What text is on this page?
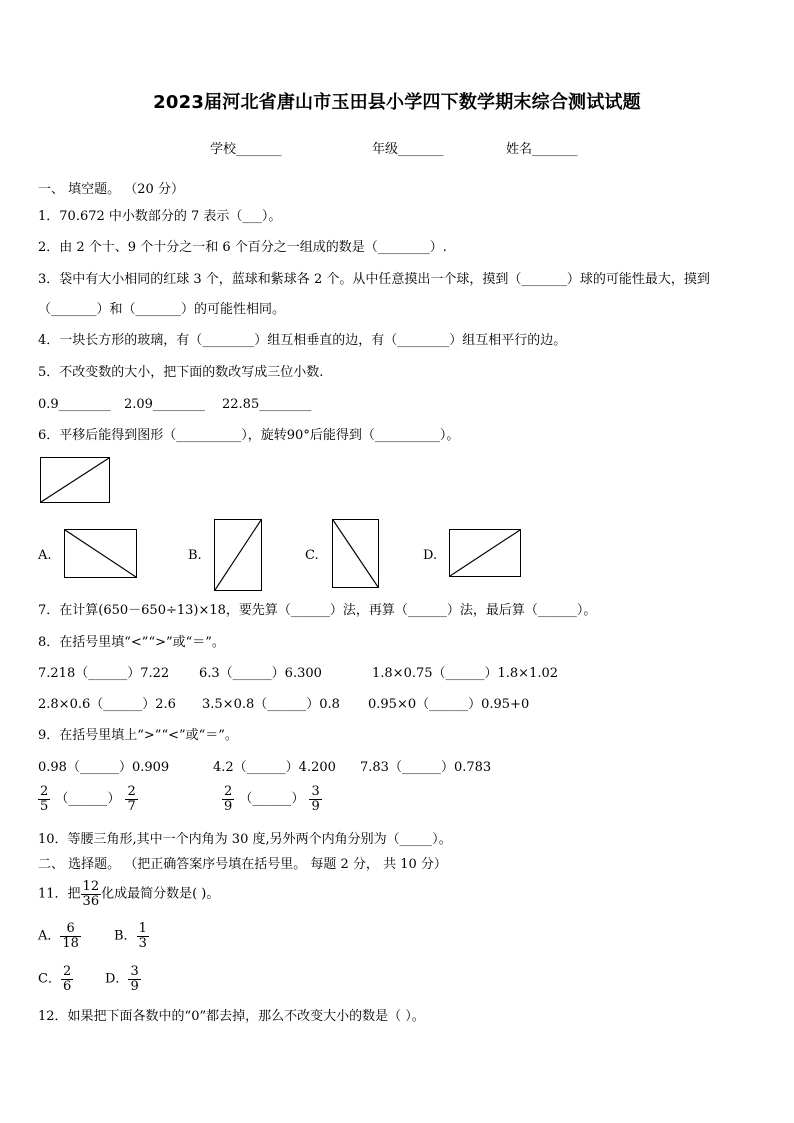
2023届河北省唐山市玉田县小学四下数学期末综合测试试题
学校_______	年级_______	姓名_______
一、 填空题。 （20 分）
1．70.672 中小数部分的 7 表示（___）。
2．由 2 个十、9 个十分之一和 6 个百分之一组成的数是（________）.
3．袋中有大小相同的红球 3 个，蓝球和紫球各 2 个。从中任意摸出一个球，摸到（_______）球的可能性最大，摸到
（_______）和（_______）的可能性相同。
4．一块长方形的玻璃，有（________）组互相垂直的边，有（________）组互相平行的边。
5．不改变数的大小，把下面的数改写成三位小数.
0.9________ 2.09________ 22.85________
6．平移后能得到图形（__________），旋转90°后能得到（__________）。
A.	B.	C.	D.
7．在计算(650－650÷13)×18，要先算（______）法，再算（______）法，最后算（______）。
8．在括号里填“<”“>”或“＝”。
7.218（______）7.22 6.3（______）6.300	1.8×0.75（______）1.8×1.02
2.8×0.6（______）2.6 3.5×0.8（______）0.8 0.95×0（______）0.95+0
9．在括号里填上“>”“<”或“＝”。
0.98（______）0.909	4.2（______）4.200 7.83（______）0.783
$\frac{2}{5}$ （______） $\frac{2}{7}$	$\frac{2}{9}$ （______） $\frac{3}{9}$
10．等腰三角形,其中一个内角为 30 度,另外两个内角分别为（_____）。
二、 选择题。 （把正确答案序号填在括号里。 每题 2 分， 共 10 分）
11．把 $\frac{12}{36}$ 化成最简分数是( )。
A． $\frac{6}{18}$	B． $\frac{1}{3}$
C． $\frac{2}{6}$ D． $\frac{3}{9}$
12．如果把下面各数中的“0”都去掉，那么不改变大小的数是（ ）。
